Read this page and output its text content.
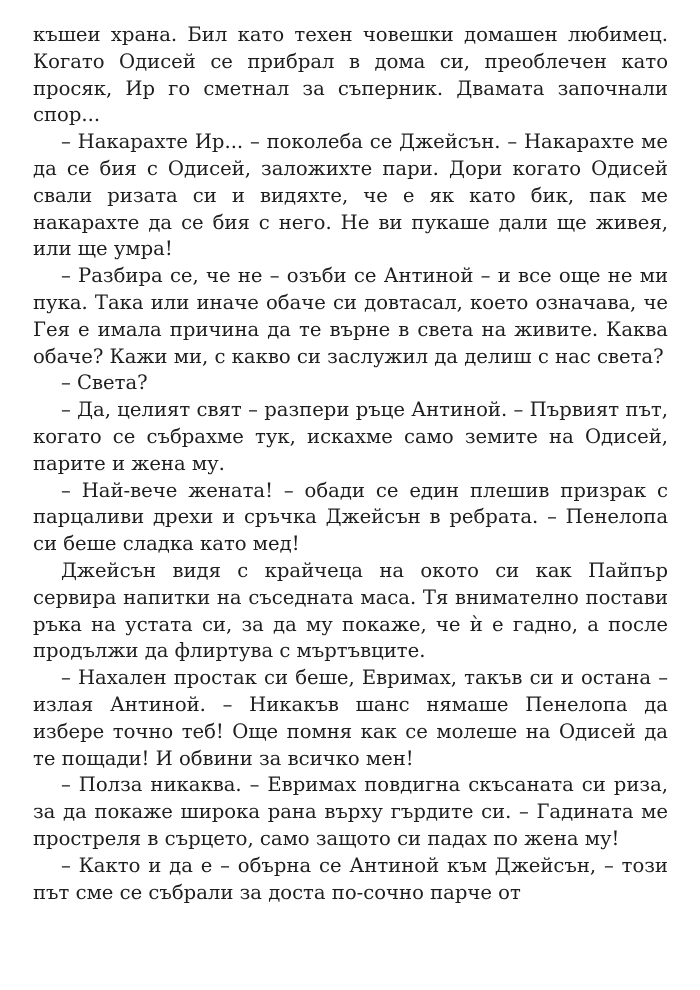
къшеи храна. Бил като техен човешки домашен любимец. Когато Одисей се прибрал в дома си, преоблечен като просяк, Ир го сметнал за съперник. Двамата започнали спор...

– Накарахте Ир... – поколеба се Джейсън. – Накарахте ме да се бия с Одисей, заложихте пари. Дори когато Одисей свали ризата си и видяхте, че е як като бик, пак ме накарахте да се бия с него. Не ви пукаше дали ще живея, или ще умра!

– Разбира се, че не – озъби се Антиной – и все още не ми пука. Така или иначе обаче си довтасал, което означава, че Гея е имала причина да те върне в света на живите. Каква обаче? Кажи ми, с какво си заслужил да делиш с нас света?

– Света?

– Да, целият свят – разпери ръце Антиной. – Първият път, когато се събрахме тук, искахме само земите на Одисей, парите и жена му.

– Най-вече жената! – обади се един плешив призрак с парцаливи дрехи и сръчка Джейсън в ребрата. – Пенелопа си беше сладка като мед!

Джейсън видя с крайчеца на окото си как Пайпър сервира напитки на съседната маса. Тя внимателно постави ръка на устата си, за да му покаже, че ѝ е гадно, а после продължи да флиртува с мъртъвците.

– Нахален простак си беше, Евримах, такъв си и остана – излая Антиной. – Никакъв шанс нямаше Пенелопа да избере точно теб! Още помня как се молеше на Одисей да те пощади! И обвини за всичко мен!

– Полза никаква. – Евримах повдигна скъсаната си риза, за да покаже широка рана върху гърдите си. – Гадината ме простреля в сърцето, само защото си падах по жена му!

– Както и да е – обърна се Антиной към Джейсън, – този път сме се събрали за доста по-сочно парче от
